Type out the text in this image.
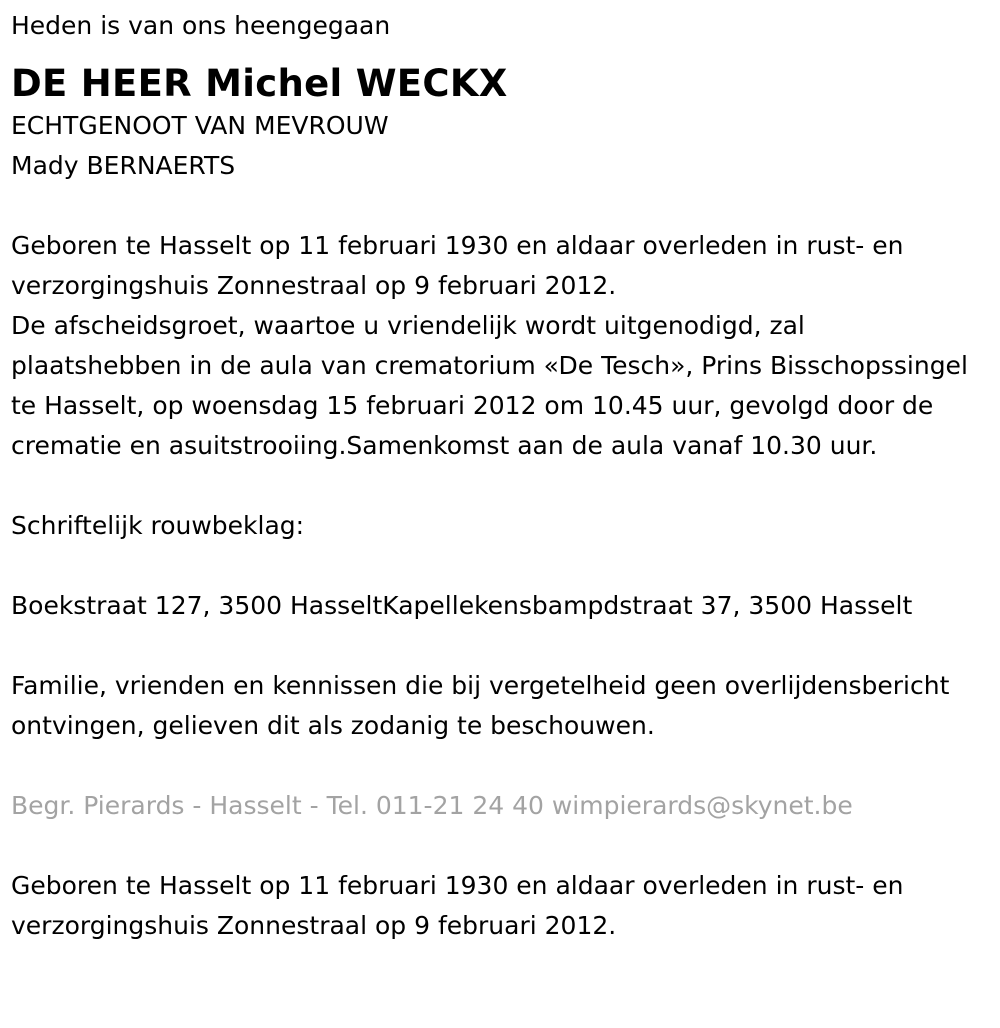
Heden is van ons heengegaan

DE HEER Michel WECKX

ECHTGENOOT VAN MEVROUW

Mady BERNAERTS

Geboren te Hasselt op 11 februari 1930 en aldaar overleden in rust- en verzorgingshuis Zonnestraal op 9 februari 2012.

De afscheidsgroet, waartoe u vriendelijk wordt uitgenodigd, zal plaatshebben in de aula van crematorium «De Tesch», Prins Bisschopssingel te Hasselt, op woensdag 15 februari 2012 om 10.45 uur, gevolgd door de crematie en asuitstrooiing.Samenkomst aan de aula vanaf 10.30 uur.

Schriftelijk rouwbeklag:

Boekstraat 127, 3500 HasseltKapellekensbampdstraat 37, 3500 Hasselt

Familie, vrienden en kennissen die bij vergetelheid geen overlijdensbericht ontvingen, gelieven dit als zodanig te beschouwen.

Begr. Pierards - Hasselt - Tel. 011-21 24 40 wimpierards@skynet.be

Geboren te Hasselt op 11 februari 1930 en aldaar overleden in rust- en verzorgingshuis Zonnestraal op 9 februari 2012.
